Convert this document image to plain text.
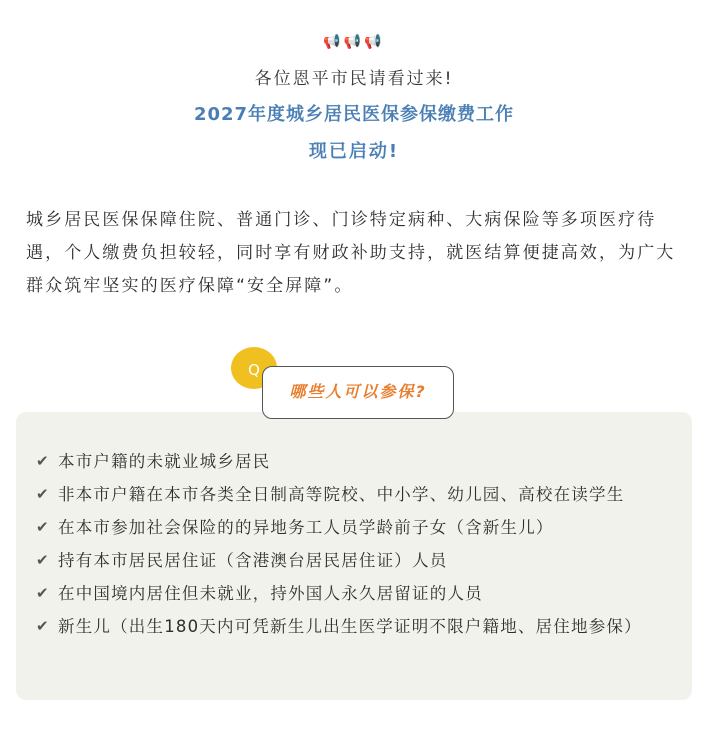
📢📢📢
各位恩平市民请看过来!
2027年度城乡居民医保参保缴费工作
现已启动!

城乡居民医保保障住院、普通门诊、门诊特定病种、大病保险等多项医疗待遇，个人缴费负担较轻，同时享有财政补助支持，就医结算便捷高效，为广大群众筑牢坚实的医疗保障“安全屏障”。

Q
哪些人可以参保?
✔ 本市户籍的未就业城乡居民
✔ 非本市户籍在本市各类全日制高等院校、中小学、幼儿园、高校在读学生
✔ 在本市参加社会保险的的异地务工人员学龄前子女（含新生儿）
✔ 持有本市居民居住证（含港澳台居民居住证）人员
✔ 在中国境内居住但未就业，持外国人永久居留证的人员
✔ 新生儿（出生180天内可凭新生儿出生医学证明不限户籍地、居住地参保）
